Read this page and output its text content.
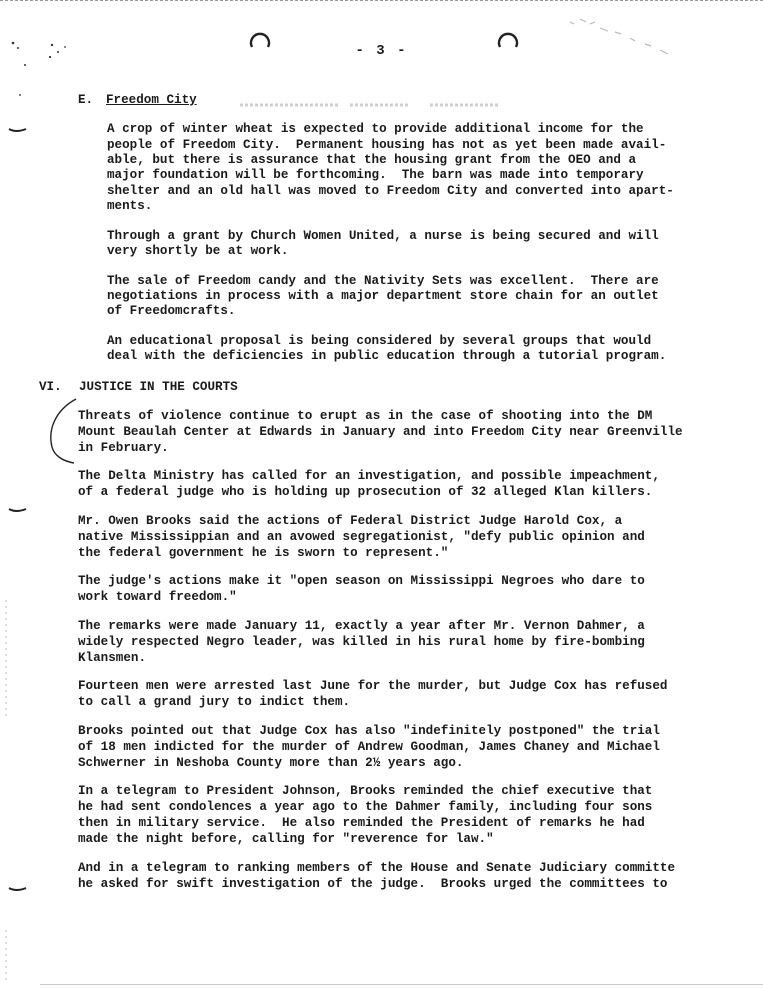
- 3 -
E. Freedom City
A crop of winter wheat is expected to provide additional income for the
people of Freedom City.  Permanent housing has not as yet been made avail-
able, but there is assurance that the housing grant from the OEO and a
major foundation will be forthcoming.  The barn was made into temporary
shelter and an old hall was moved to Freedom City and converted into apart-
ments.
Through a grant by Church Women United, a nurse is being secured and will
very shortly be at work.
The sale of Freedom candy and the Nativity Sets was excellent.  There are
negotiations in process with a major department store chain for an outlet
of Freedomcrafts.
An educational proposal is being considered by several groups that would
deal with the deficiencies in public education through a tutorial program.
Threats of violence continue to erupt as in the case of shooting into the DM
Mount Beaulah Center at Edwards in January and into Freedom City near Greenville
in February.
The Delta Ministry has called for an investigation, and possible impeachment,
of a federal judge who is holding up prosecution of 32 alleged Klan killers.
Mr. Owen Brooks said the actions of Federal District Judge Harold Cox, a
native Mississippian and an avowed segregationist, "defy public opinion and
the federal government he is sworn to represent."
The judge's actions make it "open season on Mississippi Negroes who dare to
work toward freedom."
The remarks were made January 11, exactly a year after Mr. Vernon Dahmer, a
widely respected Negro leader, was killed in his rural home by fire-bombing
Klansmen.
Fourteen men were arrested last June for the murder, but Judge Cox has refused
to call a grand jury to indict them.
Brooks pointed out that Judge Cox has also "indefinitely postponed" the trial
of 18 men indicted for the murder of Andrew Goodman, James Chaney and Michael
Schwerner in Neshoba County more than 2½ years ago.
In a telegram to President Johnson, Brooks reminded the chief executive that
he had sent condolences a year ago to the Dahmer family, including four sons
then in military service.  He also reminded the President of remarks he had
made the night before, calling for "reverence for law."
And in a telegram to ranking members of the House and Senate Judiciary committe
he asked for swift investigation of the judge.  Brooks urged the committees to
VI. JUSTICE IN THE COURTS
